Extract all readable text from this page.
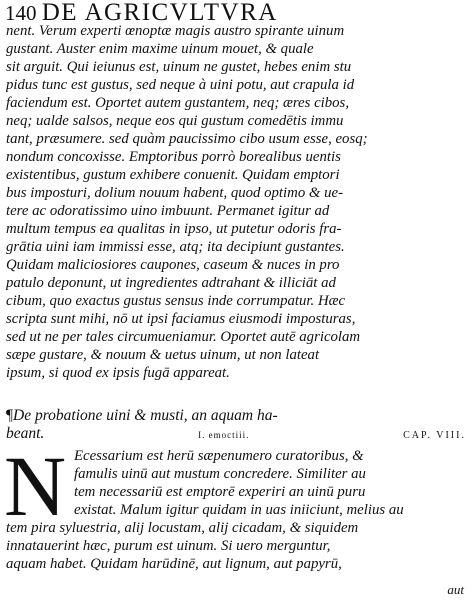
140 DE AGRICVLTVRA
nent. Verum experti œnoptæ magis austro spirante uinum
gustant. Auster enim maxime uinum mouet, & quale
sit arguit. Qui ieiunus est, uinum ne gustet, hebes enim stu
pidus tunc est gustus, sed neque à uini potu, aut crapula id
faciendum est. Oportet autem gustantem, neq; æres cibos,
neq; ualde salsos, neque eos qui gustum comedētis immu
tant, præsumere. sed quàm paucissimo cibo usum esse, eosq;
nondum concoxisse. Emptoribus porrò borealibus uentis
existentibus, gustum exhibere conuenit. Quidam emptori
bus imposturi, dolium nouum habent, quod optimo & ue-
tere ac odoratissimo uino imbuunt. Permanet igitur ad
multum tempus ea qualitas in ipso, ut putetur odoris fra-
grātia uini iam immissi esse, atq; ita decipiunt gustantes.
Quidam maliciosiores caupones, caseum & nuces in pro
patulo deponunt, ut ingredientes adtrahant & illiciāt ad
cibum, quo exactus gustus sensus inde corrumpatur. Hæc
scripta sunt mihi, nō ut ipsi faciamus eiusmodi imposturas,
sed ut ne per tales circumueniamur. Oportet autē agricolam
sæpe gustare, & nouum & uetus uinum, ut non lateat
ipsum, si quod ex ipsis fugā appareat.
¶De probatione uini & musti, an aquam ha-
beant.	I. emoctiii.	CAP. VIII.
N Ecessarium est herū sæpenumero curatoribus, &
famulis uinū aut mustum concredere. Similiter au
tem necessariū est emptorē experiri an uinū puru
existat. Malum igitur quidam in uas iniiciunt, melius au
tem pira syluestria, alij locustam, alij cicadam, & siquidem
innatauerint hæc, purum est uinum. Si uero merguntur,
aquam habet. Quidam harūdinē, aut lignum, aut papyrū,
aut
